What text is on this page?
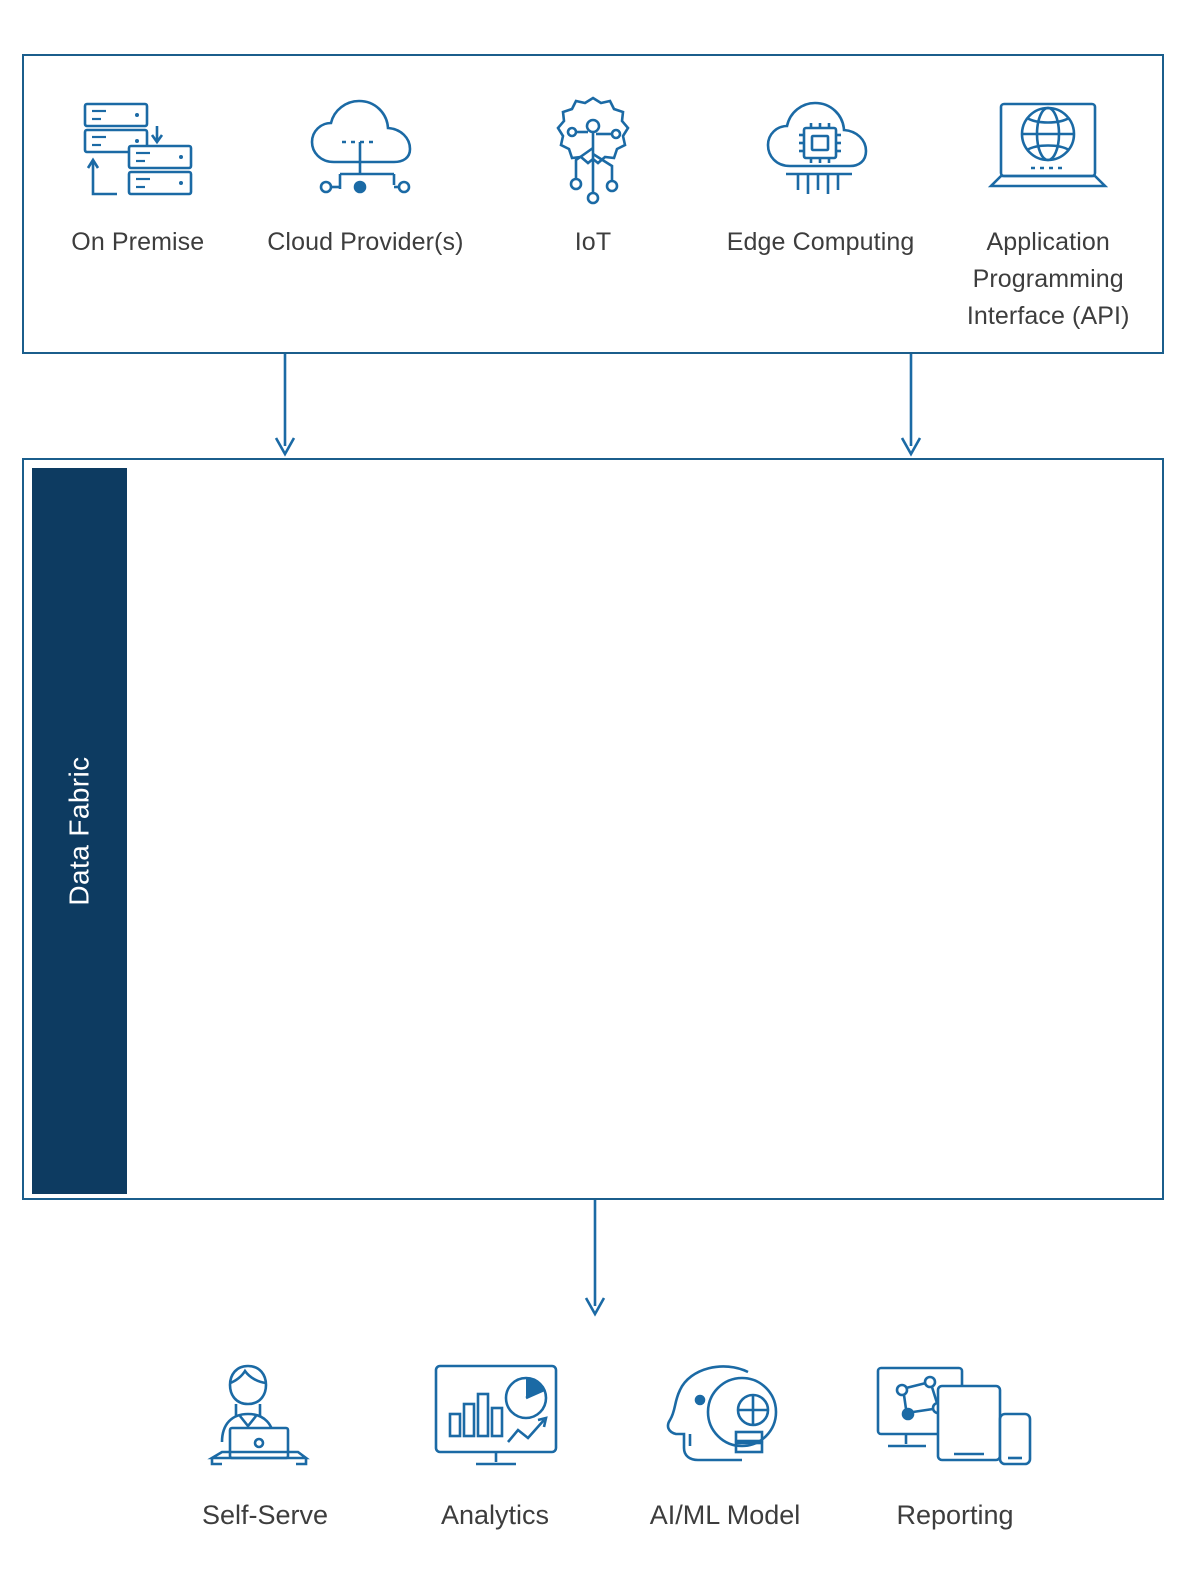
On Premise	Cloud Provider(s)	IoT	Edge Computing	Application Programming Interface (API)
Data Fabric
Self-Serve	Analytics	AI/ML Model	Reporting
